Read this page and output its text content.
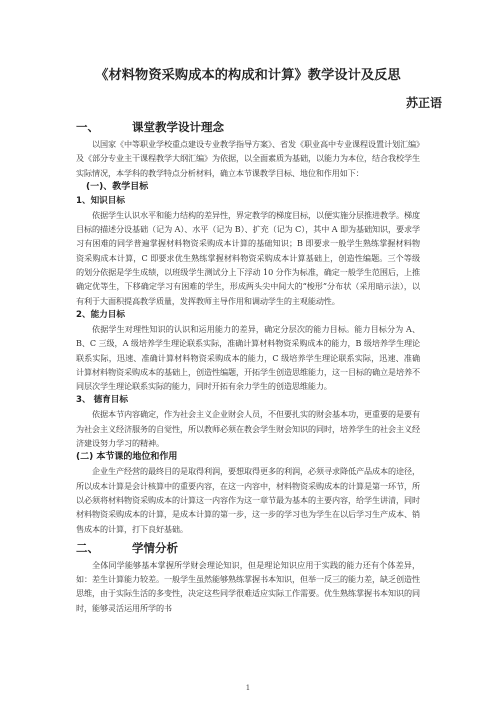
《材料物资采购成本的构成和计算》教学设计及反思
苏正语
一、	课堂教学设计理念

以国家《中等职业学校重点建设专业教学指导方案》、省发《职业高中专业课程设置计划汇编》及《部分专业主干课程教学大纲汇编》为依据，以全面素质为基础，以能力为本位，结合我校学生实际情况，本学科的教学特点分析材料，确立本节课教学目标、地位和作用如下：

(一)、教学目标
1、知识目标

依据学生认识水平和能力结构的差异性，界定教学的梯度目标，以便实施分层推进教学。梯度目标的描述分设基础（记为 A）、水平（记为 B）、扩充（记为 C），其中 A 即为基础知识，要求学习有困难的同学普遍掌握材料物资采购成本计算的基础知识；B 即要求一般学生熟练掌握材料物资采购成本计算，C 即要求优生熟练掌握材料物资采购成本计算基础上，创造性编题。三个等级的划分依据是学生成绩，以班级学生测试分上下浮动 10 分作为标准，确定一般学生范围后，上推确定优等生，下移确定学习有困难的学生，形成两头尖中间大的“梭形”分布状（采用暗示法），以有利于大面积提高教学质量，发挥教师主导作用和调动学生的主观能动性。

2、能力目标

依据学生对理性知识的认识和运用能力的差异，确定分层次的能力目标。能力目标分为 A、B、C 三级，A 级培养学生理论联系实际，准确计算材料物资采购成本的能力，B 级培养学生理论联系实际，迅速、准确计算材料物资采购成本的能力，C 级培养学生理论联系实际，迅速、准确计算材料物资采购成本的基础上，创造性编题，开拓学生创造思维能力，这一目标的确立是培养不同层次学生理论联系实际的能力，同时开拓有余力学生的创造思维能力。

3、 德育目标

依据本节内容确定，作为社会主义企业财会人员，不但要扎实的财会基本功，更重要的是要有为社会主义经济服务的自觉性，所以教师必须在教会学生财会知识的同时，培养学生的社会主义经济建设努力学习的精神。

(二) 本节课的地位和作用

企业生产经营的最终目的是取得利润，要想取得更多的利润，必须寻求降低产品成本的途径，所以成本计算是会计核算中的重要内容，在这一内容中，材料物资采购成本的计算是第一环节，所以必须将材料物资采购成本的计算这一内容作为这一章节最为基本的主要内容，给学生讲清，同时材料物资采购成本的计算，是成本计算的第一步，这一步的学习也为学生在以后学习生产成本、销售成本的计算，打下良好基础。

二、	学情分析

全体同学能够基本掌握所学财会理论知识，但是理论知识应用于实践的能力还有个体差异，如：差生计算能力较差。一般学生虽然能够熟练掌握书本知识，但举一反三的能力差，缺乏创造性思维，由于实际生活的多变性，决定这些同学很难适应实际工作需要。优生熟练掌握书本知识的同时，能够灵活运用所学的书

1
